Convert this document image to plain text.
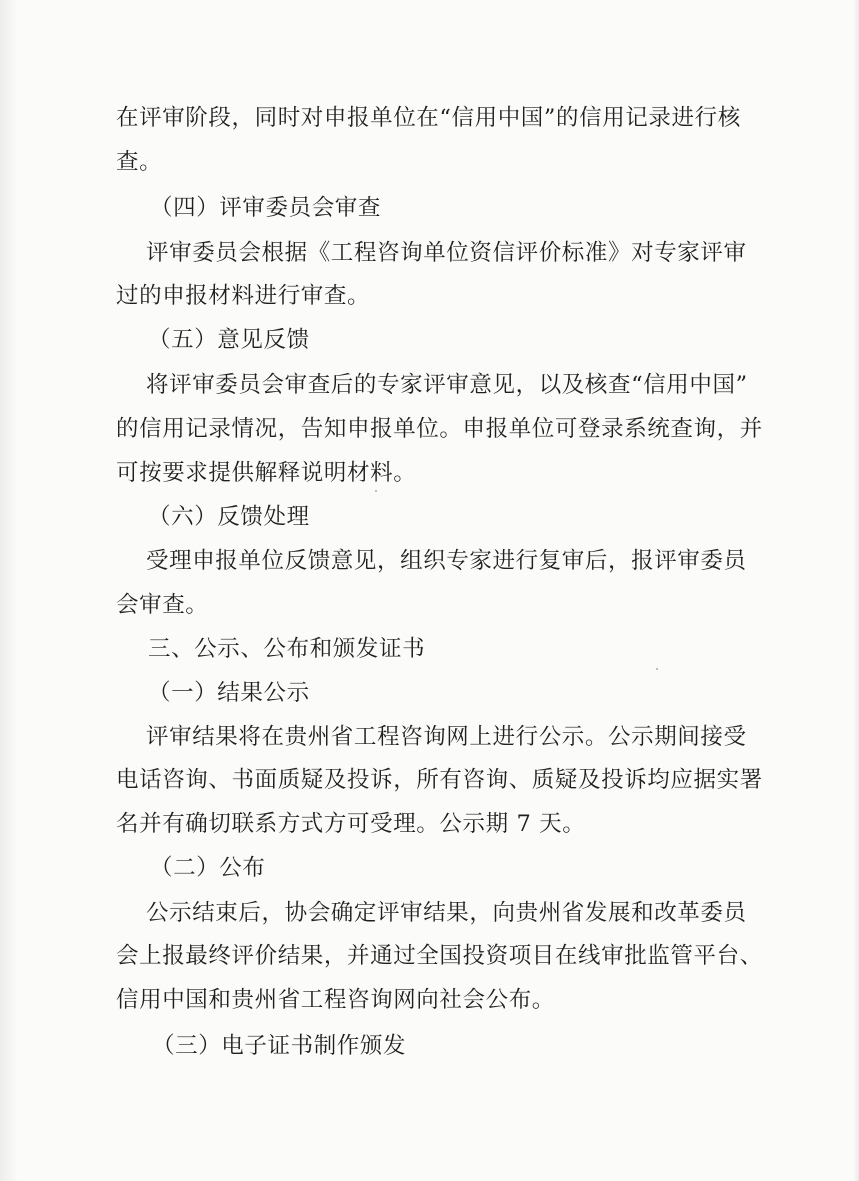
在评审阶段，同时对申报单位在“信用中国”的信用记录进行核
查。
（四）评审委员会审查
评审委员会根据《工程咨询单位资信评价标准》对专家评审
过的申报材料进行审查。
（五）意见反馈
将评审委员会审查后的专家评审意见，以及核查“信用中国”
的信用记录情况，告知申报单位。申报单位可登录系统查询，并
可按要求提供解释说明材料。
（六）反馈处理
受理申报单位反馈意见，组织专家进行复审后，报评审委员
会审查。
三、公示、公布和颁发证书
（一）结果公示
评审结果将在贵州省工程咨询网上进行公示。公示期间接受
电话咨询、书面质疑及投诉，所有咨询、质疑及投诉均应据实署
名并有确切联系方式方可受理。公示期 7 天。
（二）公布
公示结束后，协会确定评审结果，向贵州省发展和改革委员
会上报最终评价结果，并通过全国投资项目在线审批监管平台、
信用中国和贵州省工程咨询网向社会公布。
（三）电子证书制作颁发
